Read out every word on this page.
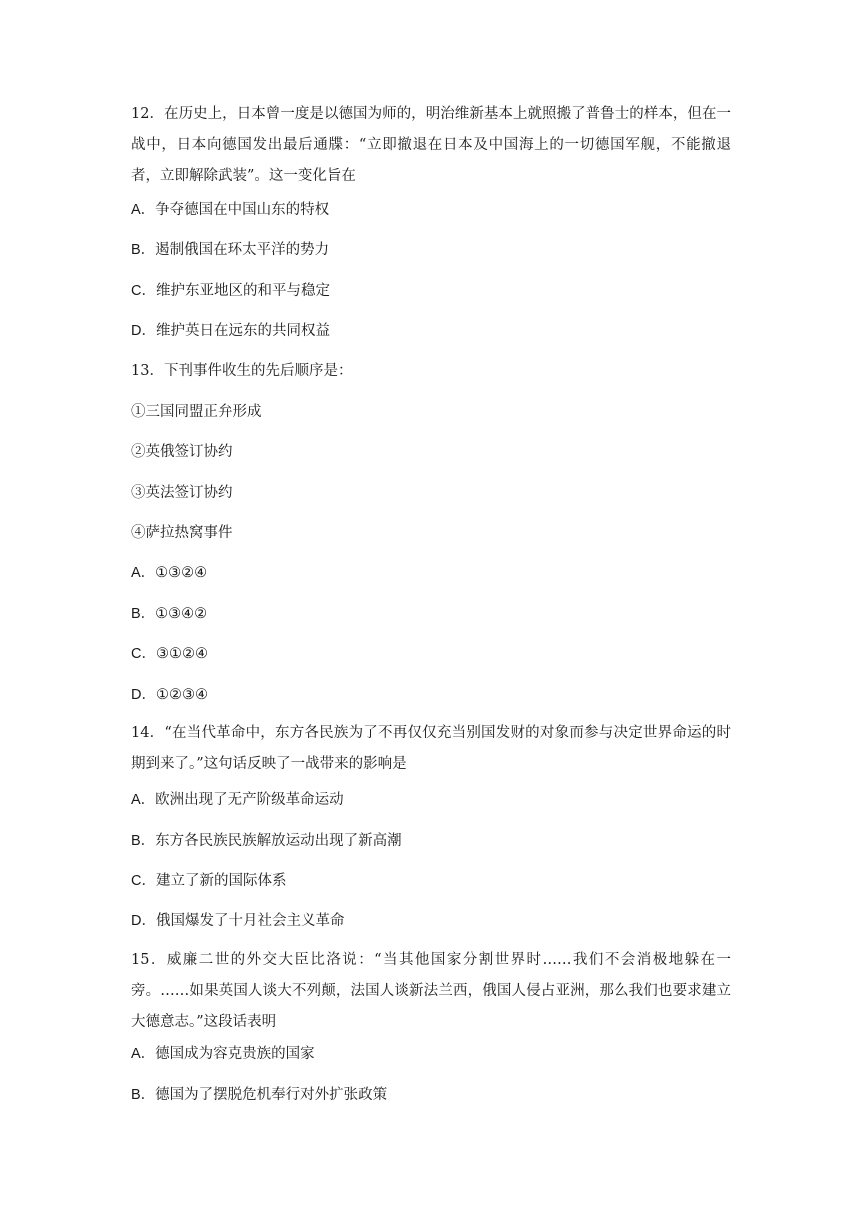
12．在历史上，日本曾一度是以德国为师的，明治维新基本上就照搬了普鲁士的样本，但在一战中，日本向德国发出最后通牒：“立即撤退在日本及中国海上的一切德国军舰，不能撤退者，立即解除武装”。这一变化旨在
A．争夺德国在中国山东的特权
B．遏制俄国在环太平洋的势力
C．维护东亚地区的和平与稳定
D．维护英日在远东的共同权益
13．下刊事件收生的先后顺序是：
①三国同盟正弁形成
②英俄签订协约
③英法签订协约
④萨拉热窝事件
A．①③②④
B．①③④②
C．③①②④
D．①②③④
14．“在当代革命中，东方各民族为了不再仅仅充当别国发财的对象而参与决定世界命运的时期到来了。”这句话反映了一战带来的影响是
A．欧洲出现了无产阶级革命运动
B．东方各民族民族解放运动出现了新高潮
C．建立了新的国际体系
D．俄国爆发了十月社会主义革命
15．威廉二世的外交大臣比洛说：“当其他国家分割世界时……我们不会消极地躲在一旁。……如果英国人谈大不列颠，法国人谈新法兰西，俄国人侵占亚洲，那么我们也要求建立大德意志。”这段话表明
A．德国成为容克贵族的国家
B．德国为了摆脱危机奉行对外扩张政策
